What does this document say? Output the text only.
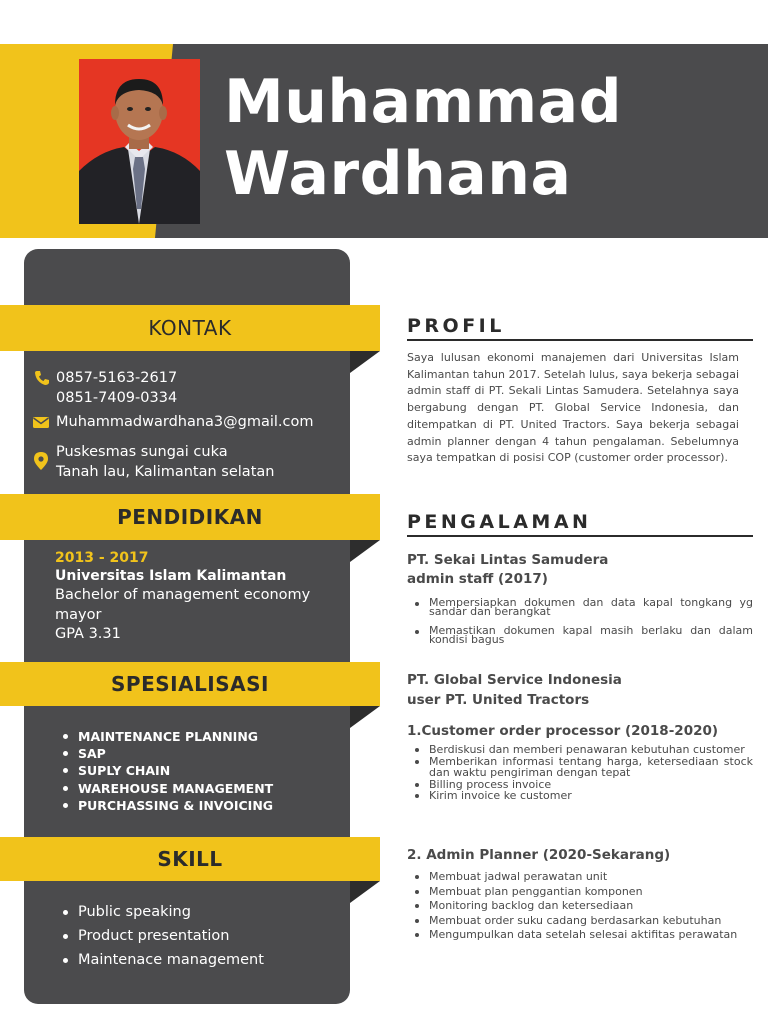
Muhammad
Wardhana
KONTAK
0857-5163-2617
0851-7409-0334
Muhammadwardhana3@gmail.com
Puskesmas sungai cuka
Tanah lau, Kalimantan selatan
PENDIDIKAN
2013 - 2017
Universitas Islam Kalimantan
Bachelor of management economy
mayor
GPA 3.31
SPESIALISASI
MAINTENANCE PLANNING
SAP
SUPLY CHAIN
WAREHOUSE MANAGEMENT
PURCHASSING & INVOICING
SKILL
Public speaking
Product presentation
Maintenace management
PROFIL
Saya lulusan ekonomi manajemen dari Universitas Islam Kalimantan tahun 2017. Setelah lulus, saya bekerja sebagai admin staff di PT. Sekali Lintas Samudera. Setelahnya saya bergabung dengan PT. Global Service Indonesia, dan ditempatkan di PT. United Tractors. Saya bekerja sebagai admin planner dengan 4 tahun pengalaman. Sebelumnya saya tempatkan di posisi COP (customer order processor).
PENGALAMAN
PT. Sekai Lintas Samudera
admin staff (2017)
Mempersiapkan dokumen dan data kapal tongkang yg sandar dan berangkat
Memastikan dokumen kapal masih berlaku dan dalam kondisi bagus
PT. Global Service Indonesia
user PT. United Tractors
1.Customer order processor (2018-2020)
Berdiskusi dan memberi penawaran kebutuhan customer
Memberikan informasi tentang harga, ketersediaan stock dan waktu pengiriman dengan tepat
Billing process invoice
Kirim invoice ke customer
2. Admin Planner (2020-Sekarang)
Membuat jadwal perawatan unit
Membuat plan penggantian komponen
Monitoring backlog dan ketersediaan
Membuat order suku cadang berdasarkan kebutuhan
Mengumpulkan data setelah selesai aktifitas perawatan
